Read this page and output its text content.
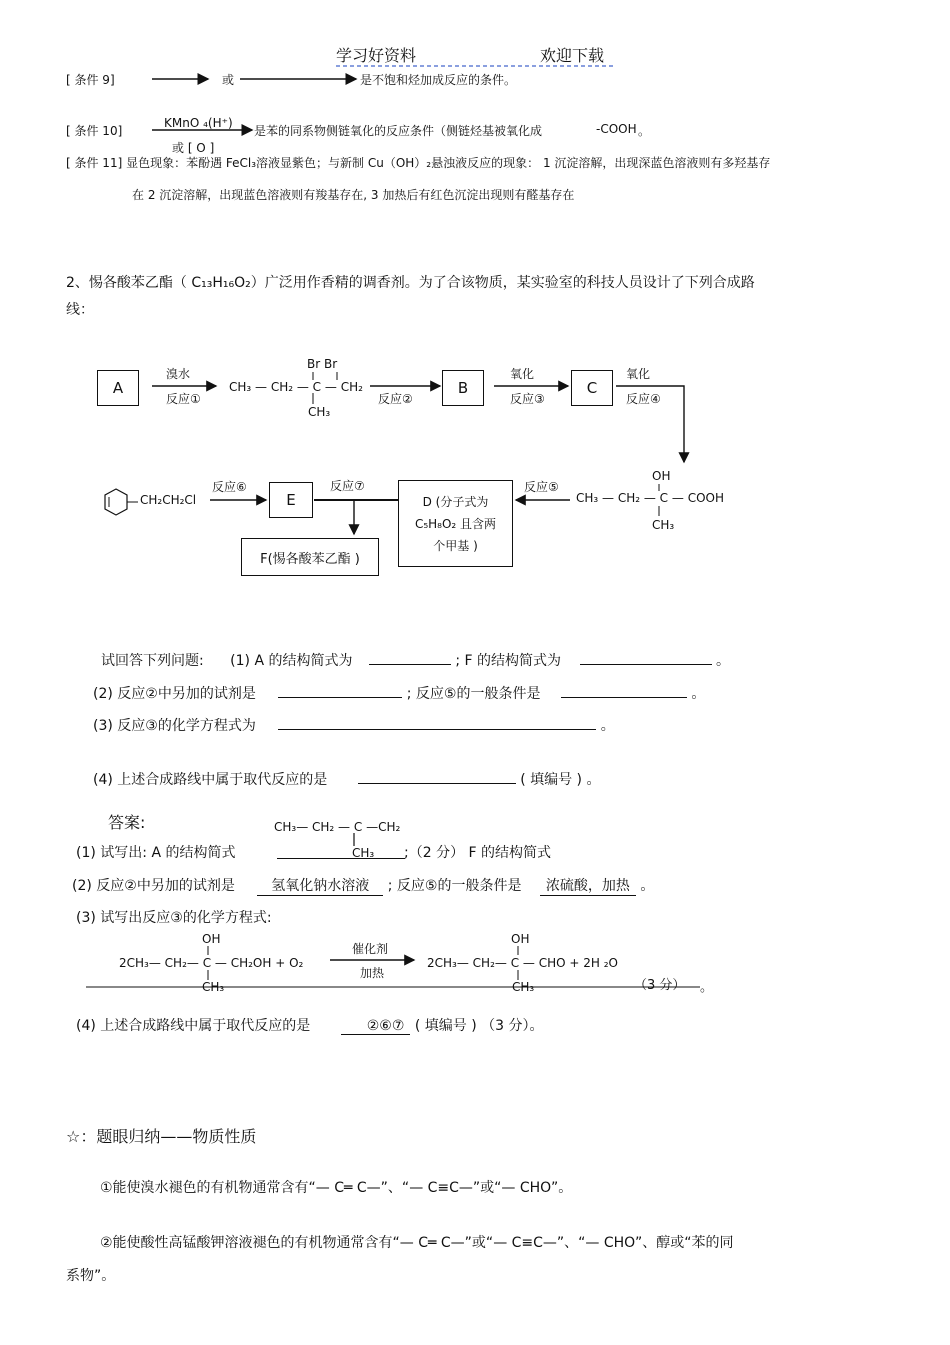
学习好资料	欢迎下载
[ 条件 9]	或	是不饱和烃加成反应的条件。
[ 条件 10]
KMnO ₄(H⁺)
或 [ O ]
是苯的同系物侧链氧化的反应条件（侧链烃基被氧化成	-COOH 。
[ 条件 11] 显色现象：苯酚遇 FeCl₃溶液显紫色；与新制 Cu（OH）₂悬浊液反应的现象： 1 沉淀溶解，出现深蓝色溶液则有多羟基存
在 2 沉淀溶解，出现蓝色溶液则有羧基存在, 3 加热后有红色沉淀出现则有醛基存在
2、惕各酸苯乙酯（ C₁₃H₁₆O₂）广泛用作香精的调香剂。为了合该物质，某实验室的科技人员设计了下列合成路
线：
A	B	C
E	D (分子式为
C₅H₈O₂ 且含两
个甲基 )
F(惕各酸苯乙酯 )
溴水
反应①	反应②
氧化
反应③
氧化
反应④
反应⑤
反应⑥	反应⑦
Br Br
CH₃ — CH₂ — C — CH₂
CH₃
OH
CH₃ — CH₂ — C — COOH
CH₃
CH₂CH₂Cl
试回答下列问题: (1) A 的结构简式为	; F 的结构简式为	。
(2) 反应②中另加的试剂是	; 反应⑤的一般条件是	。
(3) 反应③的化学方程式为	。
(4) 上述合成路线中属于取代反应的是	( 填编号 ) 。
答案:	CH₃— CH₂ — C —CH₂
CH₃
(1) 试写出: A 的结构简式	;（2 分） F 的结构简式
(2) 反应②中另加的试剂是	氢氧化钠水溶液 ; 反应⑤的一般条件是 浓硫酸，加热 。
(3) 试写出反应③的化学方程式:
OH
2CH₃— CH₂— C — CH₂OH + O₂
CH₃
催化剂
加热
OH
2CH₃— CH₂— C — CHO + 2H ₂O
CH₃	（3 分） 。
(4) 上述合成路线中属于取代反应的是	②⑥⑦ ( 填编号 ) （3 分）。
☆：题眼归纳——物质性质
①能使溴水褪色的有机物通常含有“— C═ C—”、“— C≡C—”或“— CHO”。
②能使酸性高锰酸钾溶液褪色的有机物通常含有“— C═ C—”或“— C≡C—”、“— CHO”、醇或“苯的同
系物”。
